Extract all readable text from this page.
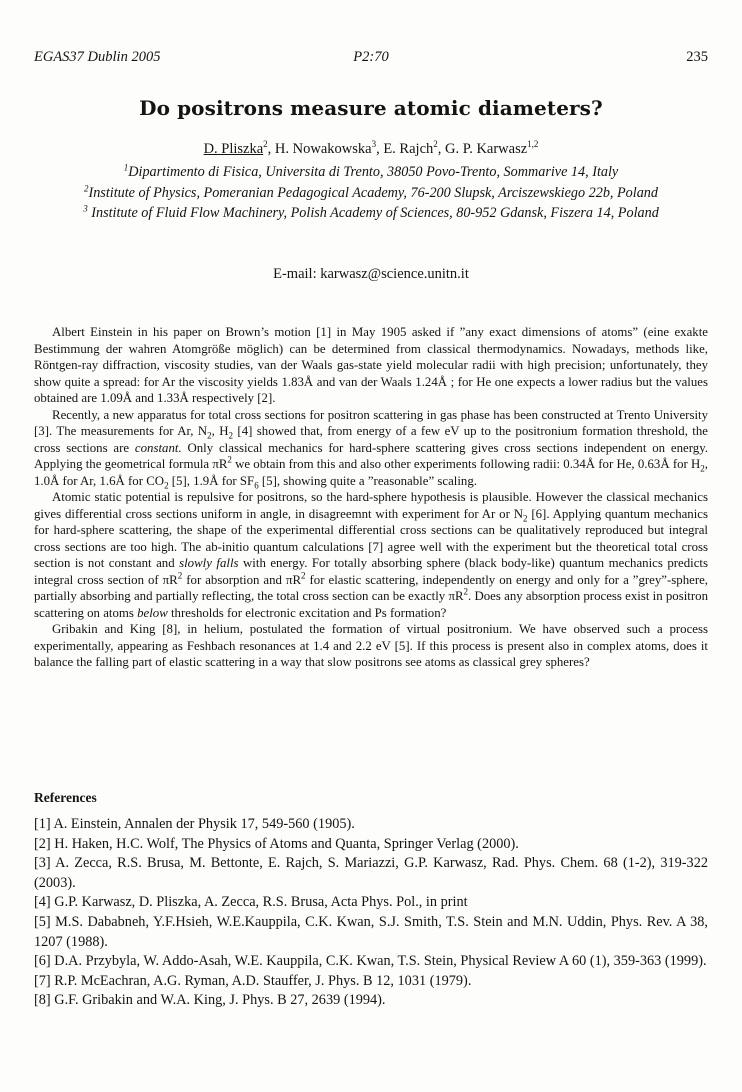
EGAS37 Dublin 2005	P2:70	235
Do positrons measure atomic diameters?
D. Pliszka$^2$, H. Nowakowska$^3$, E. Rajch$^2$, G. P. Karwasz$^{1,2}$

$^1$Dipartimento di Fisica, Universita di Trento, 38050 Povo-Trento, Sommarive 14, Italy

$^2$Institute of Physics, Pomeranian Pedagogical Academy, 76-200 Slupsk, Arciszewskiego 22b, Poland

$^3$ Institute of Fluid Flow Machinery, Polish Academy of Sciences, 80-952 Gdansk, Fiszera 14, Poland

E-mail: karwasz@science.unitn.it

Albert Einstein in his paper on Brown’s motion [1] in May 1905 asked if ”any exact dimensions of atoms” (eine exakte Bestimmung der wahren Atomgröße möglich) can be determined from classical thermodynamics. Nowadays, methods like, Röntgen-ray diffraction, viscosity studies, van der Waals gas-state yield molecular radii with high precision; unfortunately, they show quite a spread: for Ar the viscosity yields 1.83Å and van der Waals 1.24Å ; for He one expects a lower radius but the values obtained are 1.09Å and 1.33Å respectively [2].

Recently, a new apparatus for total cross sections for positron scattering in gas phase has been constructed at Trento University [3]. The measurements for Ar, $N_2$, $H_2$ [4] showed that, from energy of a few eV up to the positronium formation threshold, the cross sections are constant. Only classical mechanics for hard-sphere scattering gives cross sections independent on energy. Applying the geometrical formula $\pi R^2$ we obtain from this and also other experiments following radii: 0.34Å for He, 0.63Å for $H_2$, 1.0Å for Ar, 1.6Å for $CO_2$ [5], 1.9Å for $SF_6$ [5], showing quite a ”reasonable” scaling.

Atomic static potential is repulsive for positrons, so the hard-sphere hypothesis is plausible. However the classical mechanics gives differential cross sections uniform in angle, in disagreemnt with experiment for Ar or $N_2$ [6]. Applying quantum mechanics for hard-sphere scattering, the shape of the experimental differential cross sections can be qualitatively reproduced but integral cross sections are too high. The ab-initio quantum calculations [7] agree well with the experiment but the theoretical total cross section is not constant and slowly falls with energy. For totally absorbing sphere (black body-like) quantum mechanics predicts integral cross section of $\pi R^2$ for absorption and $\pi R^2$ for elastic scattering, independently on energy and only for a ”grey”-sphere, partially absorbing and partially reflecting, the total cross section can be exactly $\pi R^2$. Does any absorption process exist in positron scattering on atoms below thresholds for electronic excitation and Ps formation?

Gribakin and King [8], in helium, postulated the formation of virtual positronium. We have observed such a process experimentally, appearing as Feshbach resonances at 1.4 and 2.2 eV [5]. If this process is present also in complex atoms, does it balance the falling part of elastic scattering in a way that slow positrons see atoms as classical grey spheres?

References

[1] A. Einstein, Annalen der Physik 17, 549-560 (1905).

[2] H. Haken, H.C. Wolf, The Physics of Atoms and Quanta, Springer Verlag (2000).

[3] A. Zecca, R.S. Brusa, M. Bettonte, E. Rajch, S. Mariazzi, G.P. Karwasz, Rad. Phys. Chem. 68 (1-2), 319-322 (2003).

[4] G.P. Karwasz, D. Pliszka, A. Zecca, R.S. Brusa, Acta Phys. Pol., in print

[5] M.S. Dababneh, Y.F.Hsieh, W.E.Kauppila, C.K. Kwan, S.J. Smith, T.S. Stein and M.N. Uddin, Phys. Rev. A 38, 1207 (1988).

[6] D.A. Przybyla, W. Addo-Asah, W.E. Kauppila, C.K. Kwan, T.S. Stein, Physical Review A 60 (1), 359-363 (1999).

[7] R.P. McEachran, A.G. Ryman, A.D. Stauffer, J. Phys. B 12, 1031 (1979).

[8] G.F. Gribakin and W.A. King, J. Phys. B 27, 2639 (1994).
